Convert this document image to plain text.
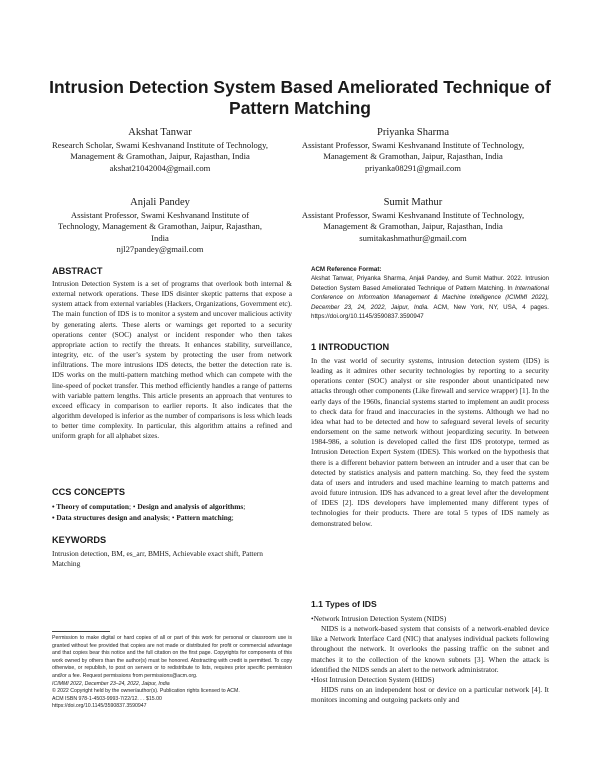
Intrusion Detection System Based Ameliorated Technique of Pattern Matching
Akshat Tanwar
Research Scholar, Swami Keshvanand Institute of Technology, Management & Gramothan, Jaipur, Rajasthan, India
akshat21042004@gmail.com
Priyanka Sharma
Assistant Professor, Swami Keshvanand Institute of Technology, Management & Gramothan, Jaipur, Rajasthan, India
priyanka08291@gmail.com
Anjali Pandey
Assistant Professor, Swami Keshvanand Institute of Technology, Management & Gramothan, Jaipur, Rajasthan, India
njl27pandey@gmail.com
Sumit Mathur
Assistant Professor, Swami Keshvanand Institute of Technology, Management & Gramothan, Jaipur, Rajasthan, India
sumitakashmathur@gmail.com
ABSTRACT

Intrusion Detection System is a set of programs that overlook both internal & external network operations. These IDS disinter skeptic patterns that expose a system attack from external variables (Hackers, Organizations, Government etc). The main function of IDS is to monitor a system and uncover malicious activity by generating alerts. These alerts or warnings get reported to a security operations center (SOC) analyst or incident responder who then takes appropriate action to rectify the threats. It enhances stability, surveillance, integrity, etc. of the user’s system by protecting the user from network infiltrations. The more intrusions IDS detects, the better the detection rate is. IDS works on the multi-pattern matching method which can compete with the line-speed of pocket transfer. This method efficiently handles a range of patterns with variable pattern lengths. This article presents an approach that ventures to exceed efficacy in comparison to earlier reports. It also indicates that the algorithm developed is inferior as the number of comparisons is less which leads to better time complexity. In particular, this algorithm attains a refined and uniform graph for all alphabet sizes.

CCS CONCEPTS
• Theory of computation; • Design and analysis of algorithms;
• Data structures design and analysis; • Pattern matching;
KEYWORDS

Intrusion detection, BM, es_arr, BMHS, Achievable exact shift, Pattern Matching

Permission to make digital or hard copies of all or part of this work for personal or classroom use is granted without fee provided that copies are not made or distributed for profit or commercial advantage and that copies bear this notice and the full citation on the first page. Copyrights for components of this work owned by others than the author(s) must be honored. Abstracting with credit is permitted. To copy otherwise, or republish, to post on servers or to redistribute to lists, requires prior specific permission and/or a fee. Request permissions from permissions@acm.org.
ICIMMI 2022, December 23–24, 2022, Jaipur, India
© 2022 Copyright held by the owner/author(s). Publication rights licensed to ACM.
ACM ISBN 978-1-4503-9993-7/22/12. . . $15.00
https://doi.org/10.1145/3590837.3590947
ACM Reference Format:
Akshat Tanwar, Priyanka Sharma, Anjali Pandey, and Sumit Mathur. 2022. Intrusion Detection System Based Ameliorated Technique of Pattern Matching. In International Conference on Information Management & Machine Intelligence (ICIMMI 2022), December 23, 24, 2022, Jaipur, India. ACM, New York, NY, USA, 4 pages. https://doi.org/10.1145/3590837.3590947
1 INTRODUCTION

In the vast world of security systems, intrusion detection system (IDS) is leading as it admires other security technologies by reporting to a security operations center (SOC) analyst or site responder about unanticipated new attacks through other components (Like firewall and service wrapper) [1]. In the early days of the 1960s, financial systems started to implement an audit process to check data for fraud and inaccuracies in the systems. Although we had no idea what had to be detected and how to safeguard several levels of security endorsement on the same network without jeopardizing security. In between 1984-986, a solution is developed called the first IDS prototype, termed as Intrusion Detection Expert System (IDES). This worked on the hypothesis that there is a different behavior pattern between an intruder and a user that can be detected by statistics analysis and pattern matching. So, they feed the system data of users and intruders and used machine learning to match patterns and avoid future intrusion. IDS has advanced to a great level after the development of IDES [2]. IDS developers have implemented many different types of technologies for their products. There are total 5 types of IDS namely as demonstrated below.

1.1 Types of IDS

•Network Intrusion Detection System (NIDS)

NIDS is a network-based system that consists of a network-enabled device like a Network Interface Card (NIC) that analyses individual packets following throughout the network. It overlooks the passing traffic on the subnet and matches it to the collection of the known subnets [3]. When the attack is identified the NIDS sends an alert to the network administrator.

•Host Intrusion Detection System (HIDS)

HIDS runs on an independent host or device on a particular network [4]. It monitors incoming and outgoing packets only and
